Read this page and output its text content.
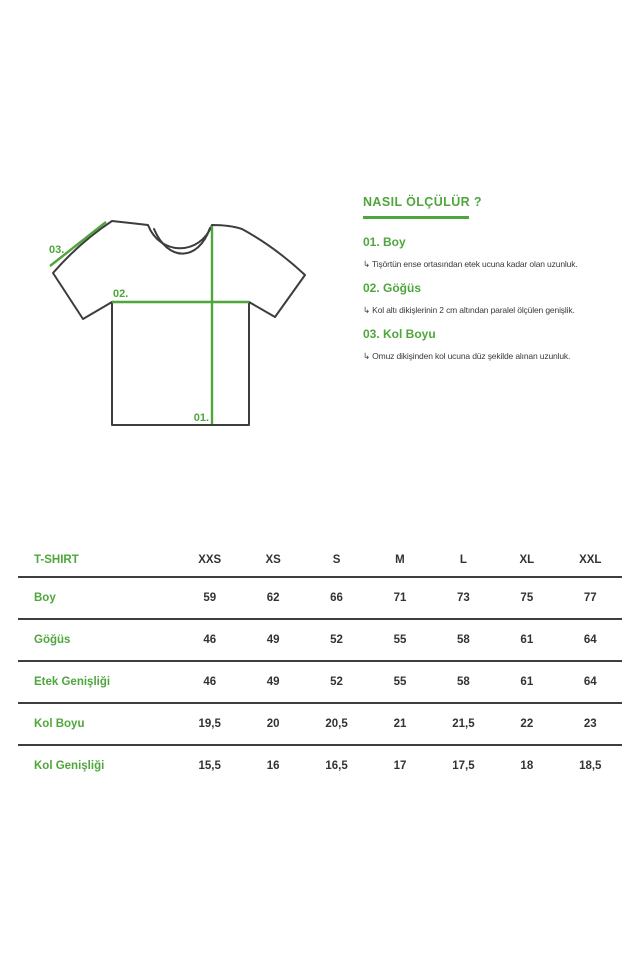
01.
02.
03.
NASIL ÖLÇÜLÜR ?
01. Boy

↳ Tişörtün ense ortasından etek ucuna kadar olan uzunluk.

02. Göğüs

↳ Kol altı dikişlerinin 2 cm altından paralel ölçülen genişlik.

03. Kol Boyu

↳ Omuz dikişinden kol ucuna düz şekilde alınan uzunluk.

T-SHIRT	XXS	XS	S	M	L	XL	XXL
Boy	59	62	66	71	73	75	77
Göğüs	46	49	52	55	58	61	64
Etek Genişliği	46	49	52	55	58	61	64
Kol Boyu	19,5	20	20,5	21	21,5	22	23
Kol Genişliği	15,5	16	16,5	17	17,5	18	18,5
